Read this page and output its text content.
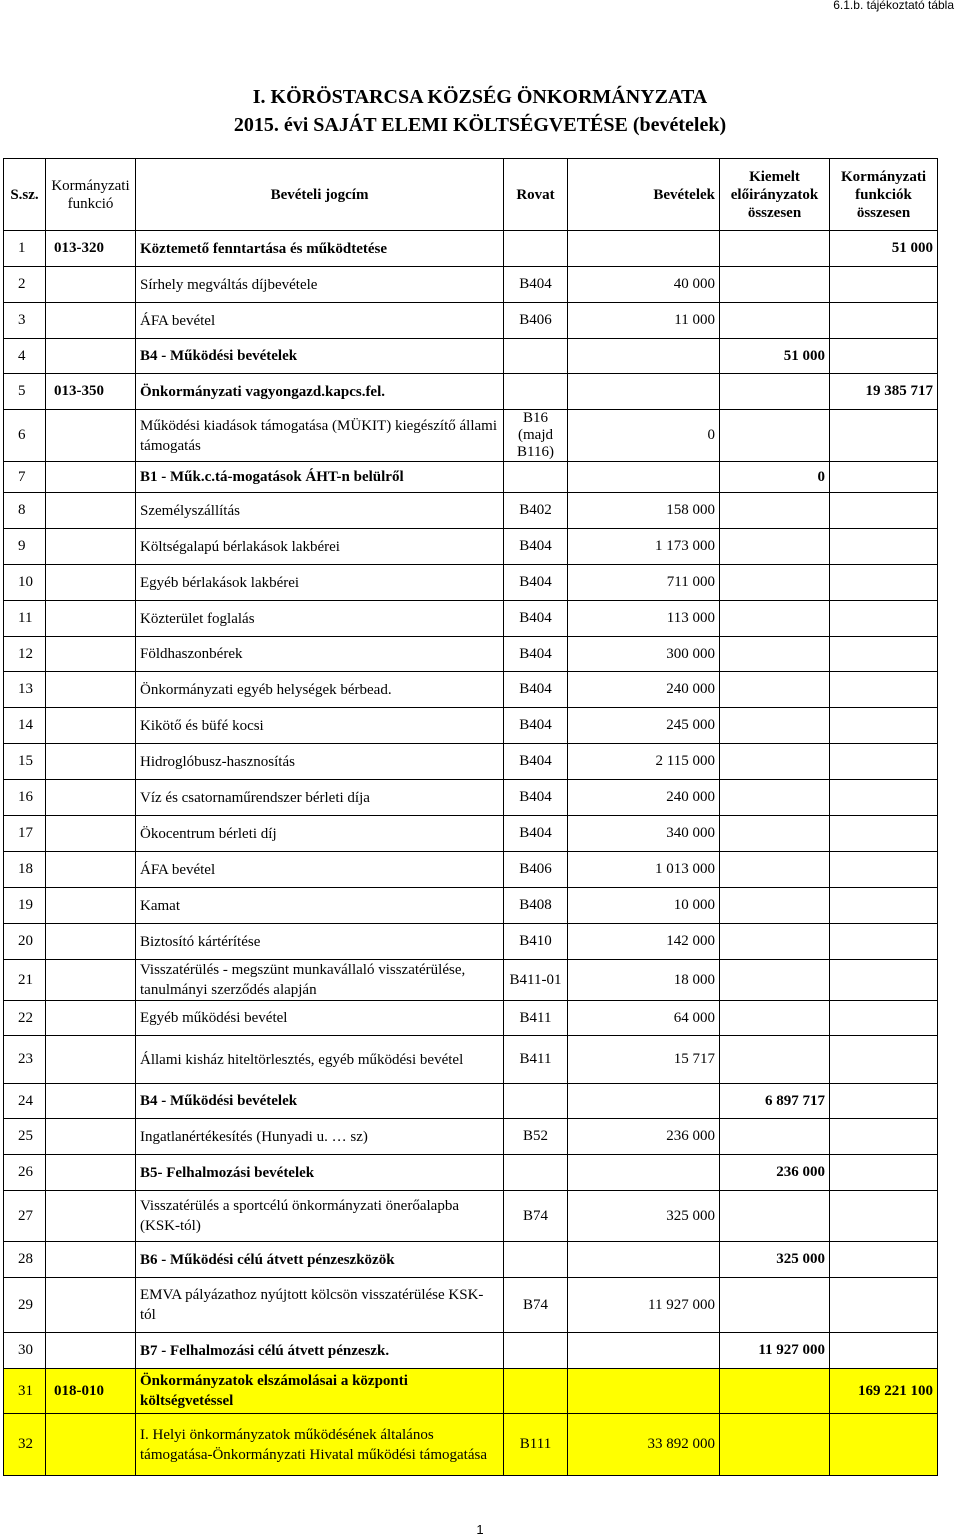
6.1.b. tájékoztató tábla
I. KÖRÖSTARCSA KÖZSÉG ÖNKORMÁNYZATA
2015. évi SAJÁT ELEMI KÖLTSÉGVETÉSE (bevételek)
S.sz.	Kormányzati funkció	Bevételi jogcím	Rovat	Bevételek	Kiemelt előirányzatok összesen	Kormányzati funkciók összesen
1	013-320	Köztemető fenntartása és működtetése				51 000
2		Sírhely megváltás díjbevétele	B404	40 000		
3		ÁFA bevétel	B406	11 000		
4		B4 - Működési bevételek			51 000	
5	013-350	Önkormányzati vagyongazd.kapcs.fel.				19 385 717
6		Működési kiadások támogatása (MÜKIT) kiegészítő állami támogatás	B16 (majd B116)	0		
7		B1 - Műk.c.tá-mogatások ÁHT-n belülről			0	
8		Személyszállítás	B402	158 000		
9		Költségalapú bérlakások lakbérei	B404	1 173 000		
10		Egyéb bérlakások lakbérei	B404	711 000		
11		Közterület foglalás	B404	113 000		
12		Földhaszonbérek	B404	300 000		
13		Önkormányzati egyéb helységek bérbead.	B404	240 000		
14		Kikötő és büfé kocsi	B404	245 000		
15		Hidroglóbusz-hasznosítás	B404	2 115 000		
16		Víz és csatornaműrendszer bérleti díja	B404	240 000		
17		Ökocentrum bérleti díj	B404	340 000		
18		ÁFA bevétel	B406	1 013 000		
19		Kamat	B408	10 000		
20		Biztosító kártérítése	B410	142 000		
21		Visszatérülés - megszünt munkavállaló visszatérülése, tanulmányi szerződés alapján	B411-01	18 000		
22		Egyéb működési bevétel	B411	64 000		
23		Állami kisház hiteltörlesztés, egyéb működési bevétel	B411	15 717		
24		B4 - Működési bevételek			6 897 717	
25		Ingatlanértékesítés (Hunyadi u. … sz)	B52	236 000		
26		B5- Felhalmozási bevételek			236 000	
27		Visszatérülés a sportcélú önkormányzati önerőalapba (KSK-tól)	B74	325 000		
28		B6 - Működési célú átvett pénzeszközök			325 000	
29		EMVA pályázathoz nyújtott kölcsön visszatérülése KSK-tól	B74	11 927 000		
30		B7 - Felhalmozási célú átvett pénzeszk.			11 927 000	
31	018-010	Önkormányzatok elszámolásai a központi költségvetéssel				169 221 100
32		I. Helyi önkormányzatok működésének általános támogatása-Önkormányzati Hivatal működési támogatása	B111	33 892 000		
1
